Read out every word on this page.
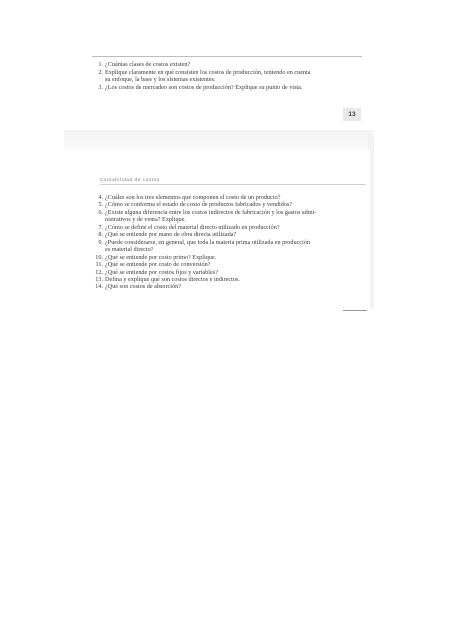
1. ¿Cuántas clases de costos existen?
2. Explique claramente en qué consisten los costos de producción, teniendo en cuenta
su enfoque, la base y los sistemas existentes.
3. ¿Los costos de mercadeo son costos de producción? Explique su punto de vista.
13
Contabilidad de costos
4. ¿Cuáles son los tres elementos que componen el costo de un producto?
5. ¿Cómo se conforma el estado de costo de productos fabricados y vendidos?
6. ¿Existe alguna diferencia entre los costos indirectos de fabricación y los gastos admi-
nistrativos y de venta? Explique.
7. ¿Cómo se define el costo del material directo utilizado en producción?
8. ¿Qué se entiende por mano de obra directa utilizada?
9. ¿Puede considerarse, en general, que toda la materia prima utilizada en producción
es material directo?
10. ¿Qué se entiende por costo primo? Explique.
11. ¿Qué se entiende por costo de conversión?
12. ¿Qué se entiende por costos fijos y variables?
13. Defina y explique qué son costos directos e indirectos.
14. ¿Qué son costos de absorción?
